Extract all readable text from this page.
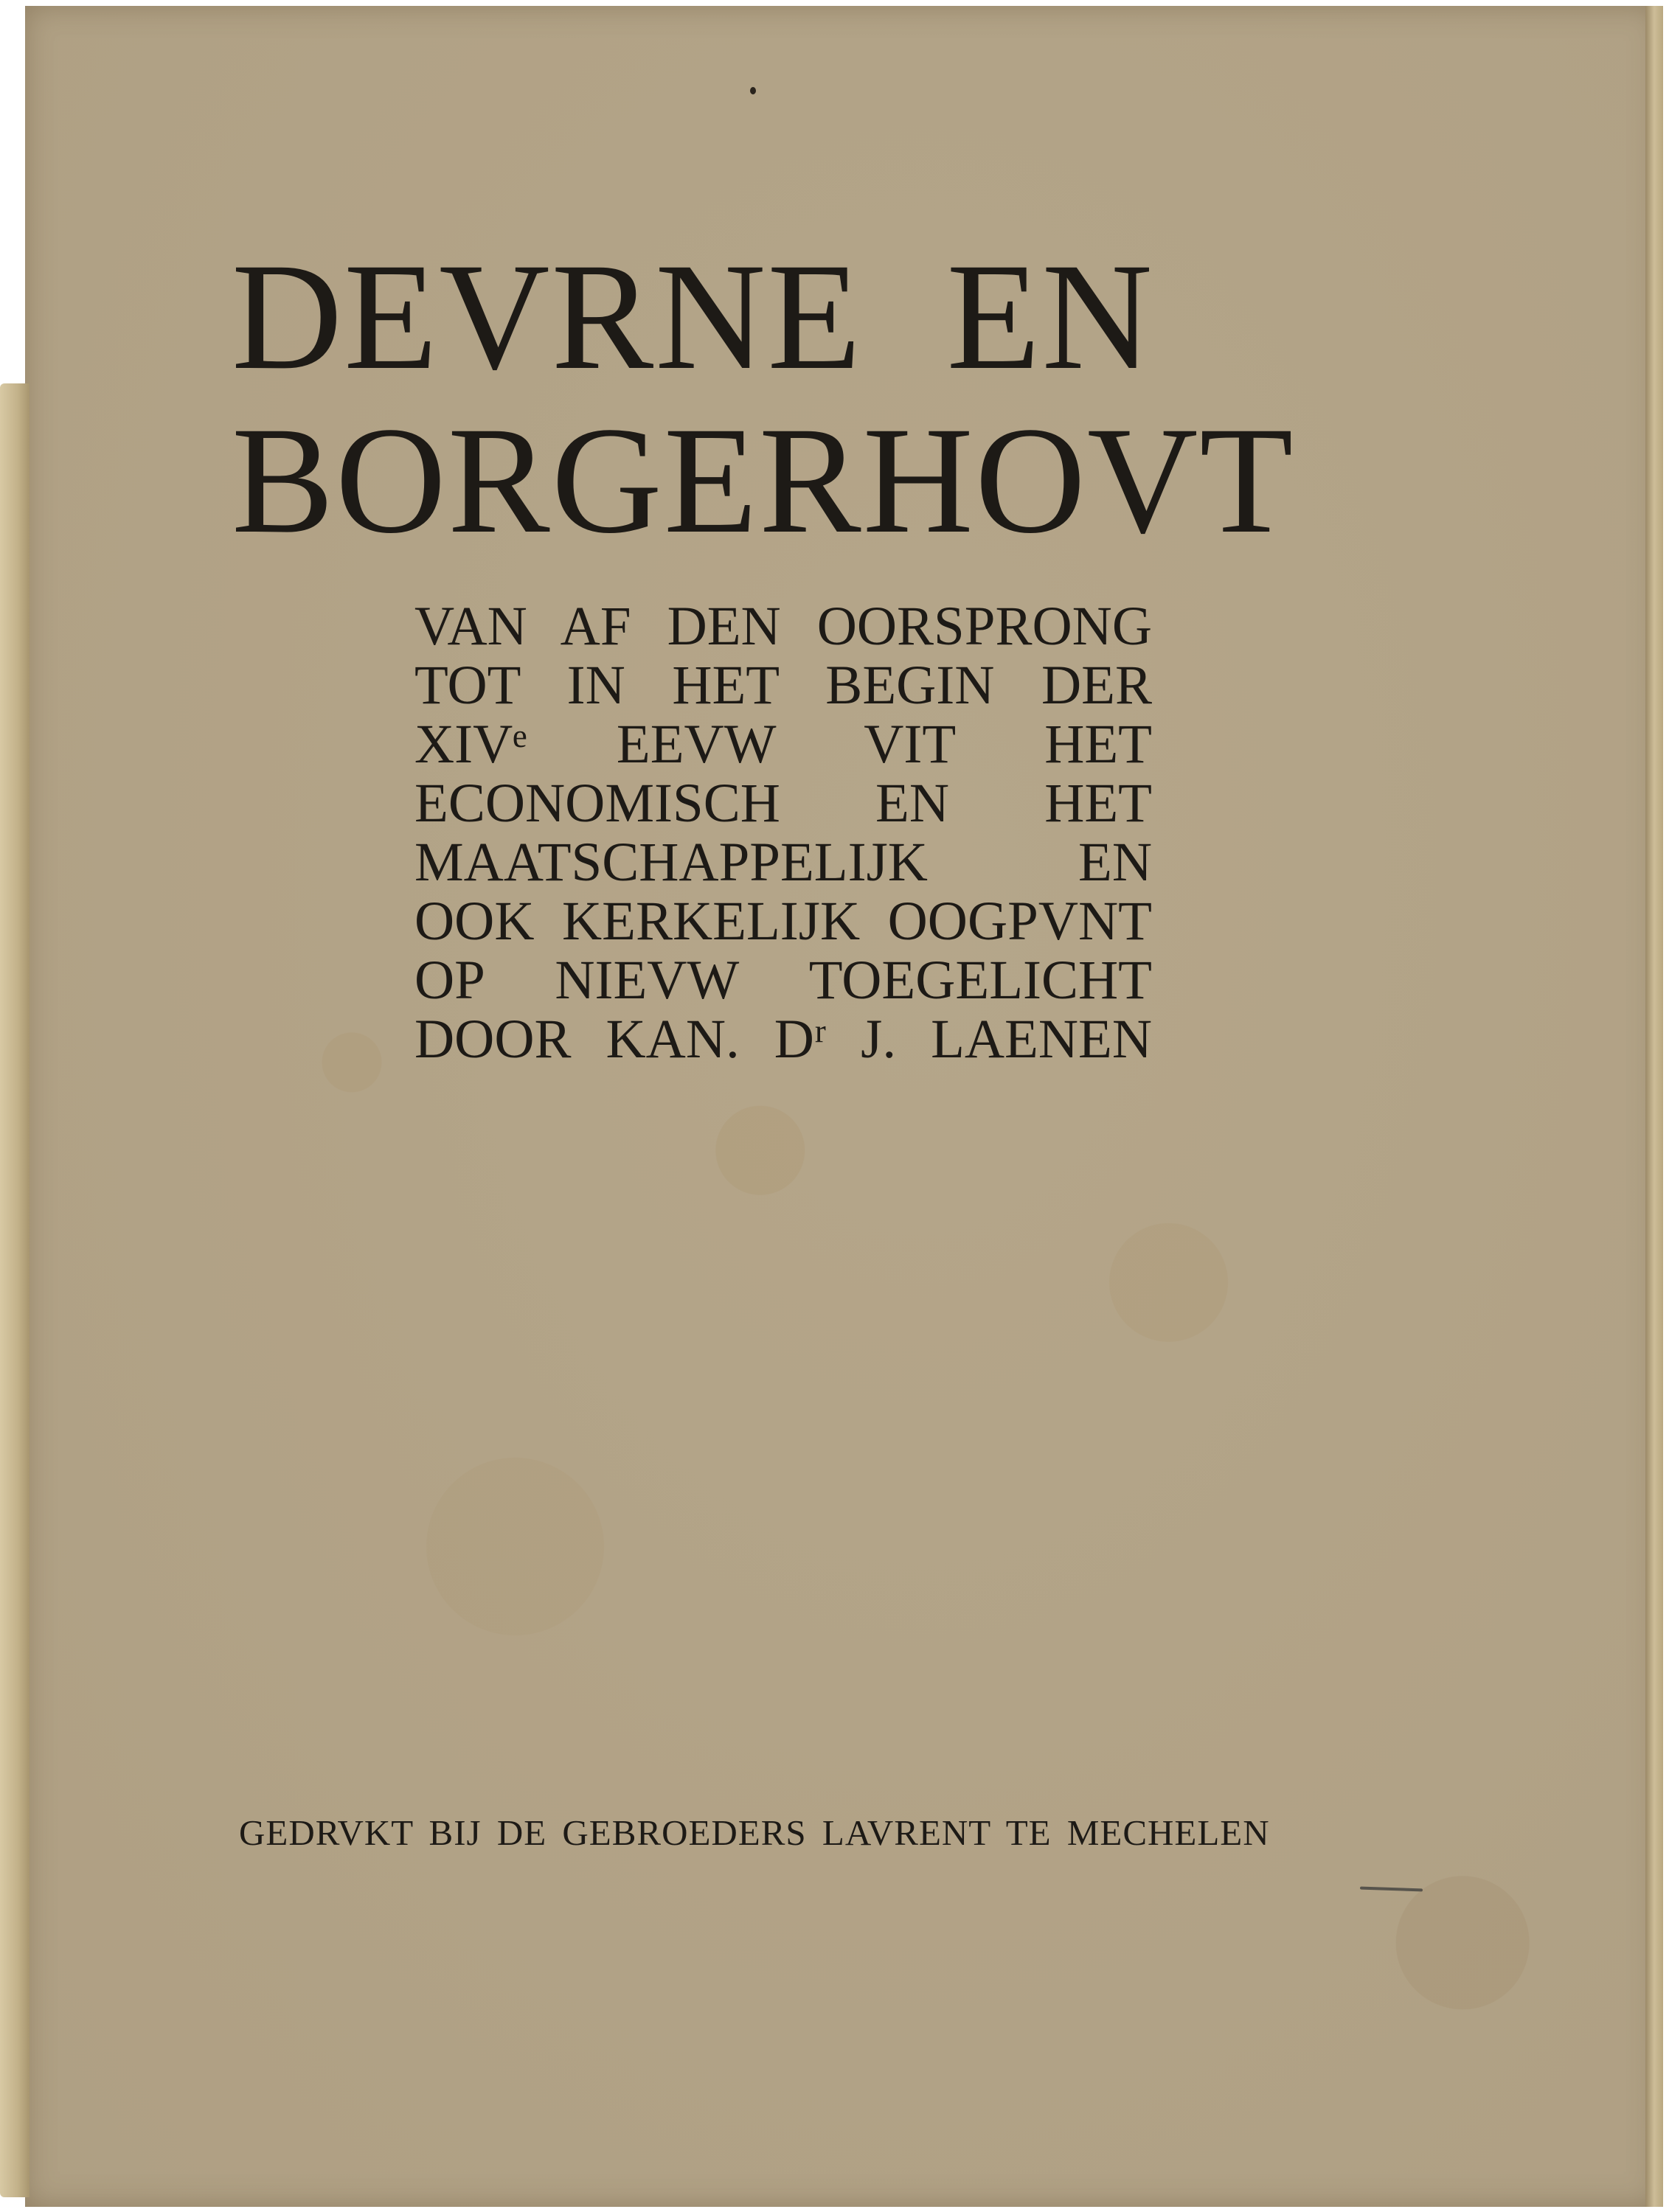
DEVRNE EN
BORGERHOVT
VAN AF DEN OORSPRONG
TOT IN HET BEGIN DER
XIVᵉ EEVW VIT HET
ECONOMISCH EN HET
MAATSCHAPPELIJK EN
OOK KERKELIJK OOGPVNT
OP NIEVW TOEGELICHT
DOOR KAN. Dʳ J. LAENEN

GEDRVKT BIJ DE GEBROEDERS LAVRENT TE MECHELEN
